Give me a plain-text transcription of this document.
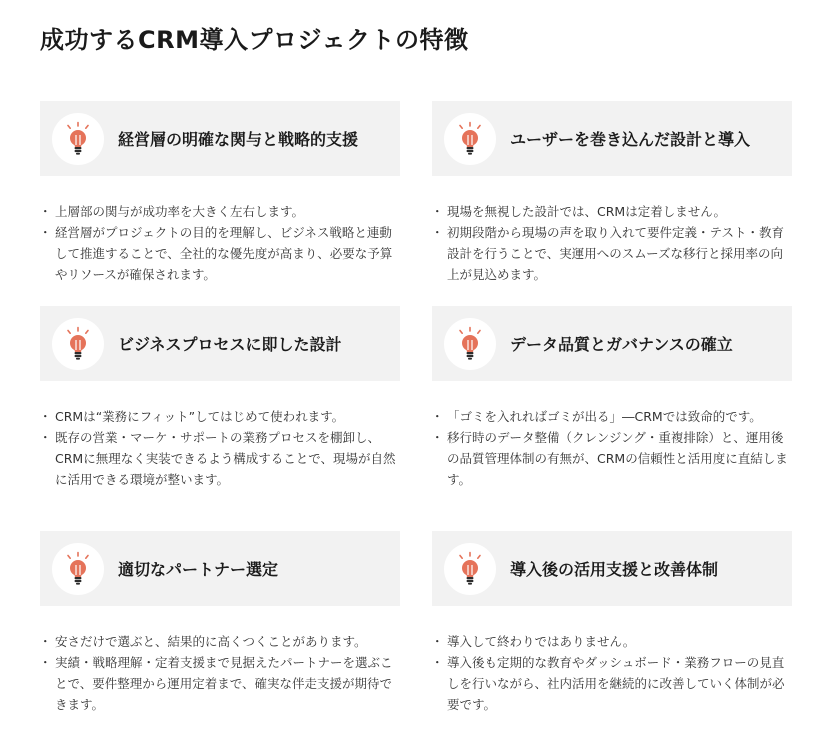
成功するCRM導入プロジェクトの特徴
経営層の明確な関与と戦略的支援
・ 上層部の関与が成功率を大きく左右します。
・ 経営層がプロジェクトの目的を理解し、ビジネス戦略と連動して推進することで、全社的な優先度が高まり、必要な予算やリソースが確保されます。
ユーザーを巻き込んだ設計と導入
・ 現場を無視した設計では、CRMは定着しません。
・ 初期段階から現場の声を取り入れて要件定義・テスト・教育設計を行うことで、実運用へのスムーズな移行と採用率の向上が見込めます。
ビジネスプロセスに即した設計
・ CRMは“業務にフィット”してはじめて使われます。
・ 既存の営業・マーケ・サポートの業務プロセスを棚卸し、CRMに無理なく実装できるよう構成することで、現場が自然に活用できる環境が整います。
データ品質とガバナンスの確立
・ 「ゴミを入れればゴミが出る」―CRMでは致命的です。
・ 移行時のデータ整備（クレンジング・重複排除）と、運用後の品質管理体制の有無が、CRMの信頼性と活用度に直結します。
適切なパートナー選定
・ 安さだけで選ぶと、結果的に高くつくことがあります。
・ 実績・戦略理解・定着支援まで見据えたパートナーを選ぶことで、要件整理から運用定着まで、確実な伴走支援が期待できます。
導入後の活用支援と改善体制
・ 導入して終わりではありません。
・ 導入後も定期的な教育やダッシュボード・業務フローの見直しを行いながら、社内活用を継続的に改善していく体制が必要です。
